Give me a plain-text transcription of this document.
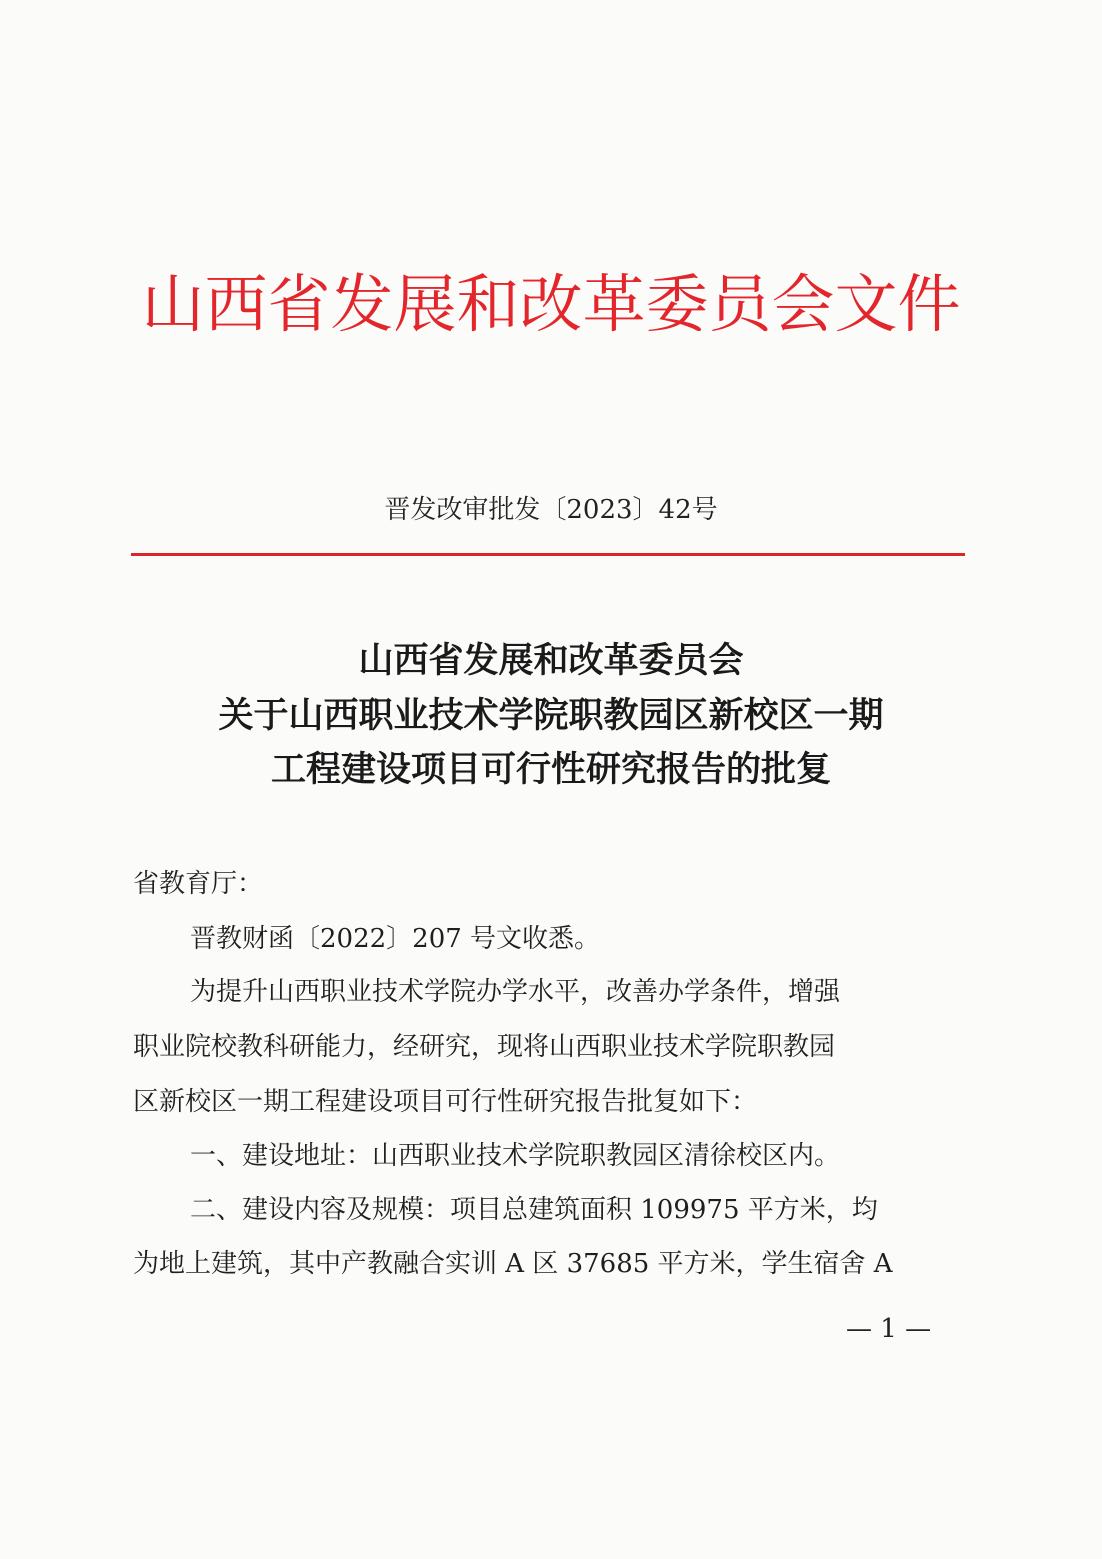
山西省发展和改革委员会文件
晋发改审批发〔2023〕42号
山西省发展和改革委员会
关于山西职业技术学院职教园区新校区一期
工程建设项目可行性研究报告的批复
省教育厅：
晋教财函〔2022〕207 号文收悉。
为提升山西职业技术学院办学水平，改善办学条件，增强
职业院校教科研能力，经研究，现将山西职业技术学院职教园
区新校区一期工程建设项目可行性研究报告批复如下：
一、建设地址：山西职业技术学院职教园区清徐校区内。
二、建设内容及规模：项目总建筑面积 109975 平方米，均
为地上建筑，其中产教融合实训 A 区 37685 平方米，学生宿舍 A
— 1 —
